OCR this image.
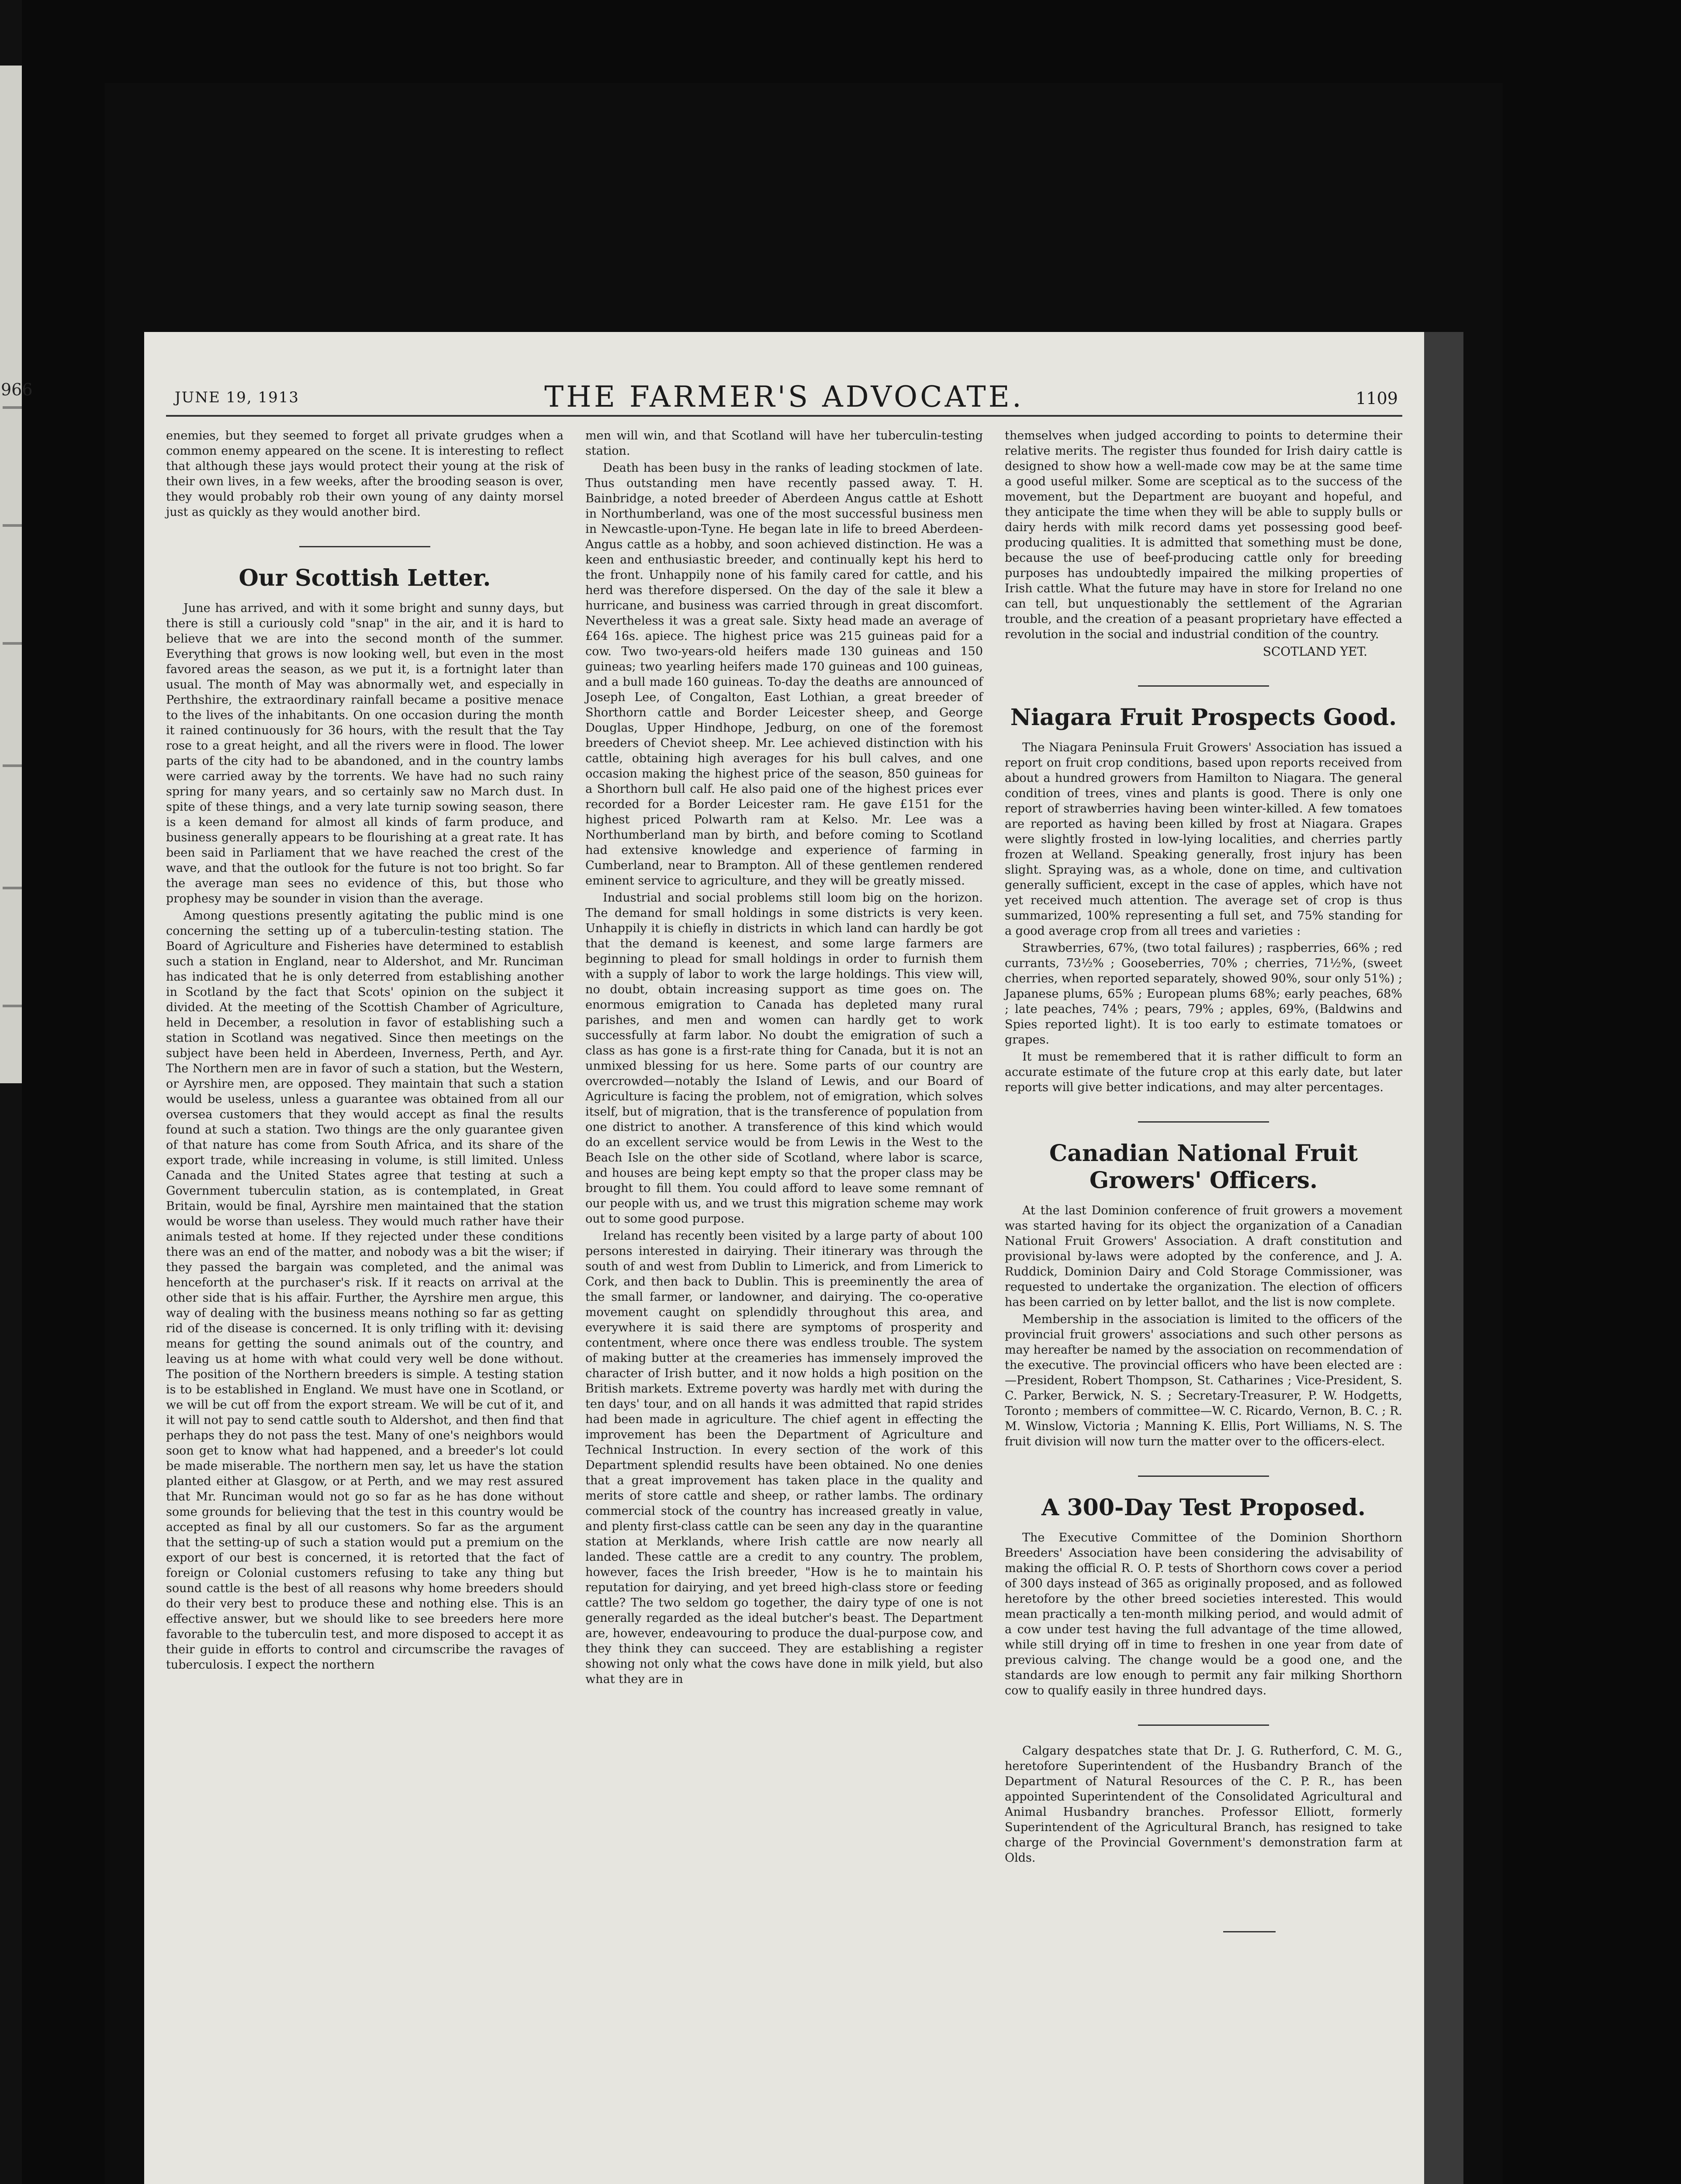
966	JUNE 19, 1913	THE FARMER'S ADVOCATE.	1109

enemies, but they seemed to forget all private grudges when a common enemy appeared on the scene. It is interesting to reflect that although these jays would protect their young at the risk of their own lives, in a few weeks, after the brooding season is over, they would probably rob their own young of any dainty morsel just as quickly as they would another bird.

Our Scottish Letter.

June has arrived, and with it some bright and sunny days, but there is still a curiously cold "snap" in the air, and it is hard to believe that we are into the second month of the summer. Everything that grows is now looking well, but even in the most favored areas the season, as we put it, is a fortnight later than usual. The month of May was abnormally wet, and especially in Perthshire, the extraordinary rainfall became a positive menace to the lives of the inhabitants. On one occasion during the month it rained continuously for 36 hours, with the result that the Tay rose to a great height, and all the rivers were in flood. The lower parts of the city had to be abandoned, and in the country lambs were carried away by the torrents. We have had no such rainy spring for many years, and so certainly saw no March dust. In spite of these things, and a very late turnip sowing season, there is a keen demand for almost all kinds of farm produce, and business generally appears to be flourishing at a great rate. It has been said in Parliament that we have reached the crest of the wave, and that the outlook for the future is not too bright. So far the average man sees no evidence of this, but those who prophesy may be sounder in vision than the average.

Among questions presently agitating the public mind is one concerning the setting up of a tuberculin-testing station. The Board of Agriculture and Fisheries have determined to establish such a station in England, near to Aldershot, and Mr. Runciman has indicated that he is only deterred from establishing another in Scotland by the fact that Scots' opinion on the subject it divided. At the meeting of the Scottish Chamber of Agriculture, held in December, a resolution in favor of establishing such a station in Scotland was negatived. Since then meetings on the subject have been held in Aberdeen, Inverness, Perth, and Ayr. The Northern men are in favor of such a station, but the Western, or Ayrshire men, are opposed. They maintain that such a station would be useless, unless a guarantee was obtained from all our oversea customers that they would accept as final the results found at such a station. Two things are the only guarantee given of that nature has come from South Africa, and its share of the export trade, while increasing in volume, is still limited. Unless Canada and the United States agree that testing at such a Government tuberculin station, as is contemplated, in Great Britain, would be final, Ayrshire men maintained that the station would be worse than useless. They would much rather have their animals tested at home. If they rejected under these conditions there was an end of the matter, and nobody was a bit the wiser; if they passed the bargain was completed, and the animal was henceforth at the purchaser's risk. If it reacts on arrival at the other side that is his affair. Further, the Ayrshire men argue, this way of dealing with the business means nothing so far as getting rid of the disease is concerned. It is only trifling with it: devising means for getting the sound animals out of the country, and leaving us at home with what could very well be done without. The position of the Northern breeders is simple. A testing station is to be established in England. We must have one in Scotland, or we will be cut off from the export stream. We will be cut of it, and it will not pay to send cattle south to Aldershot, and then find that perhaps they do not pass the test. Many of one's neighbors would soon get to know what had happened, and a breeder's lot could be made miserable. The northern men say, let us have the station planted either at Glasgow, or at Perth, and we may rest assured that Mr. Runciman would not go so far as he has done without some grounds for believing that the test in this country would be accepted as final by all our customers. So far as the argument that the setting-up of such a station would put a premium on the export of our best is concerned, it is retorted that the fact of foreign or Colonial customers refusing to take any thing but sound cattle is the best of all reasons why home breeders should do their very best to produce these and nothing else. This is an effective answer, but we should like to see breeders here more favorable to the tuberculin test, and more disposed to accept it as their guide in efforts to control and circumscribe the ravages of tuberculosis. I expect the northern

men will win, and that Scotland will have her tuberculin-testing station.

Death has been busy in the ranks of leading stockmen of late. Thus outstanding men have recently passed away. T. H. Bainbridge, a noted breeder of Aberdeen Angus cattle at Eshott in Northumberland, was one of the most successful business men in Newcastle-upon-Tyne. He began late in life to breed Aberdeen-Angus cattle as a hobby, and soon achieved distinction. He was a keen and enthusiastic breeder, and continually kept his herd to the front. Unhappily none of his family cared for cattle, and his herd was therefore dispersed. On the day of the sale it blew a hurricane, and business was carried through in great discomfort. Nevertheless it was a great sale. Sixty head made an average of £64 16s. apiece. The highest price was 215 guineas paid for a cow. Two two-years-old heifers made 130 guineas and 150 guineas; two yearling heifers made 170 guineas and 100 guineas, and a bull made 160 guineas. To-day the deaths are announced of Joseph Lee, of Congalton, East Lothian, a great breeder of Shorthorn cattle and Border Leicester sheep, and George Douglas, Upper Hindhope, Jedburg, on one of the foremost breeders of Cheviot sheep. Mr. Lee achieved distinction with his cattle, obtaining high averages for his bull calves, and one occasion making the highest price of the season, 850 guineas for a Shorthorn bull calf. He also paid one of the highest prices ever recorded for a Border Leicester ram. He gave £151 for the highest priced Polwarth ram at Kelso. Mr. Lee was a Northumberland man by birth, and before coming to Scotland had extensive knowledge and experience of farming in Cumberland, near to Brampton. All of these gentlemen rendered eminent service to agriculture, and they will be greatly missed.

Industrial and social problems still loom big on the horizon. The demand for small holdings in some districts is very keen. Unhappily it is chiefly in districts in which land can hardly be got that the demand is keenest, and some large farmers are beginning to plead for small holdings in order to furnish them with a supply of labor to work the large holdings. This view will, no doubt, obtain increasing support as time goes on. The enormous emigration to Canada has depleted many rural parishes, and men and women can hardly get to work successfully at farm labor. No doubt the emigration of such a class as has gone is a first-rate thing for Canada, but it is not an unmixed blessing for us here. Some parts of our country are overcrowded—notably the Island of Lewis, and our Board of Agriculture is facing the problem, not of emigration, which solves itself, but of migration, that is the transference of population from one district to another. A transference of this kind which would do an excellent service would be from Lewis in the West to the Beach Isle on the other side of Scotland, where labor is scarce, and houses are being kept empty so that the proper class may be brought to fill them. You could afford to leave some remnant of our people with us, and we trust this migration scheme may work out to some good purpose.

Ireland has recently been visited by a large party of about 100 persons interested in dairying. Their itinerary was through the south of and west from Dublin to Limerick, and from Limerick to Cork, and then back to Dublin. This is preeminently the area of the small farmer, or landowner, and dairying. The co-operative movement caught on splendidly throughout this area, and everywhere it is said there are symptoms of prosperity and contentment, where once there was endless trouble. The system of making butter at the creameries has immensely improved the character of Irish butter, and it now holds a high position on the British markets. Extreme poverty was hardly met with during the ten days' tour, and on all hands it was admitted that rapid strides had been made in agriculture. The chief agent in effecting the improvement has been the Department of Agriculture and Technical Instruction. In every section of the work of this Department splendid results have been obtained. No one denies that a great improvement has taken place in the quality and merits of store cattle and sheep, or rather lambs. The ordinary commercial stock of the country has increased greatly in value, and plenty first-class cattle can be seen any day in the quarantine station at Merklands, where Irish cattle are now nearly all landed. These cattle are a credit to any country. The problem, however, faces the Irish breeder, "How is he to maintain his reputation for dairying, and yet breed high-class store or feeding cattle? The two seldom go together, the dairy type of one is not generally regarded as the ideal butcher's beast. The Department are, however, endeavouring to produce the dual-purpose cow, and they think they can succeed. They are establishing a register showing not only what the cows have done in milk yield, but also what they are in

themselves when judged according to points to determine their relative merits. The register thus founded for Irish dairy cattle is designed to show how a well-made cow may be at the same time a good useful milker. Some are sceptical as to the success of the movement, but the Department are buoyant and hopeful, and they anticipate the time when they will be able to supply bulls or dairy herds with milk record dams yet possessing good beef-producing qualities. It is admitted that something must be done, because the use of beef-producing cattle only for breeding purposes has undoubtedly impaired the milking properties of Irish cattle. What the future may have in store for Ireland no one can tell, but unquestionably the settlement of the Agrarian trouble, and the creation of a peasant proprietary have effected a revolution in the social and industrial condition of the country.

SCOTLAND YET.

Niagara Fruit Prospects Good.

The Niagara Peninsula Fruit Growers' Association has issued a report on fruit crop conditions, based upon reports received from about a hundred growers from Hamilton to Niagara. The general condition of trees, vines and plants is good. There is only one report of strawberries having been winter-killed. A few tomatoes are reported as having been killed by frost at Niagara. Grapes were slightly frosted in low-lying localities, and cherries partly frozen at Welland. Speaking generally, frost injury has been slight. Spraying was, as a whole, done on time, and cultivation generally sufficient, except in the case of apples, which have not yet received much attention. The average set of crop is thus summarized, 100% representing a full set, and 75% standing for a good average crop from all trees and varieties :

Strawberries, 67%, (two total failures) ; raspberries, 66% ; red currants, 73½% ; Gooseberries, 70% ; cherries, 71½%, (sweet cherries, when reported separately, showed 90%, sour only 51%) ; Japanese plums, 65% ; European plums 68%; early peaches, 68% ; late peaches, 74% ; pears, 79% ; apples, 69%, (Baldwins and Spies reported light). It is too early to estimate tomatoes or grapes.

It must be remembered that it is rather difficult to form an accurate estimate of the future crop at this early date, but later reports will give better indications, and may alter percentages.

Canadian National Fruit Growers' Officers.

At the last Dominion conference of fruit growers a movement was started having for its object the organization of a Canadian National Fruit Growers' Association. A draft constitution and provisional by-laws were adopted by the conference, and J. A. Ruddick, Dominion Dairy and Cold Storage Commissioner, was requested to undertake the organization. The election of officers has been carried on by letter ballot, and the list is now complete.

Membership in the association is limited to the officers of the provincial fruit growers' associations and such other persons as may hereafter be named by the association on recommendation of the executive. The provincial officers who have been elected are :—President, Robert Thompson, St. Catharines ; Vice-President, S. C. Parker, Berwick, N. S. ; Secretary-Treasurer, P. W. Hodgetts, Toronto ; members of committee—W. C. Ricardo, Vernon, B. C. ; R. M. Winslow, Victoria ; Manning K. Ellis, Port Williams, N. S. The fruit division will now turn the matter over to the officers-elect.

A 300-Day Test Proposed.

The Executive Committee of the Dominion Shorthorn Breeders' Association have been considering the advisability of making the official R. O. P. tests of Shorthorn cows cover a period of 300 days instead of 365 as originally proposed, and as followed heretofore by the other breed societies interested. This would mean practically a ten-month milking period, and would admit of a cow under test having the full advantage of the time allowed, while still drying off in time to freshen in one year from date of previous calving. The change would be a good one, and the standards are low enough to permit any fair milking Shorthorn cow to qualify easily in three hundred days.

Calgary despatches state that Dr. J. G. Rutherford, C. M. G., heretofore Superintendent of the Husbandry Branch of the Department of Natural Resources of the C. P. R., has been appointed Superintendent of the Consolidated Agricultural and Animal Husbandry branches. Professor Elliott, formerly Superintendent of the Agricultural Branch, has resigned to take charge of the Provincial Government's demonstration farm at Olds.
